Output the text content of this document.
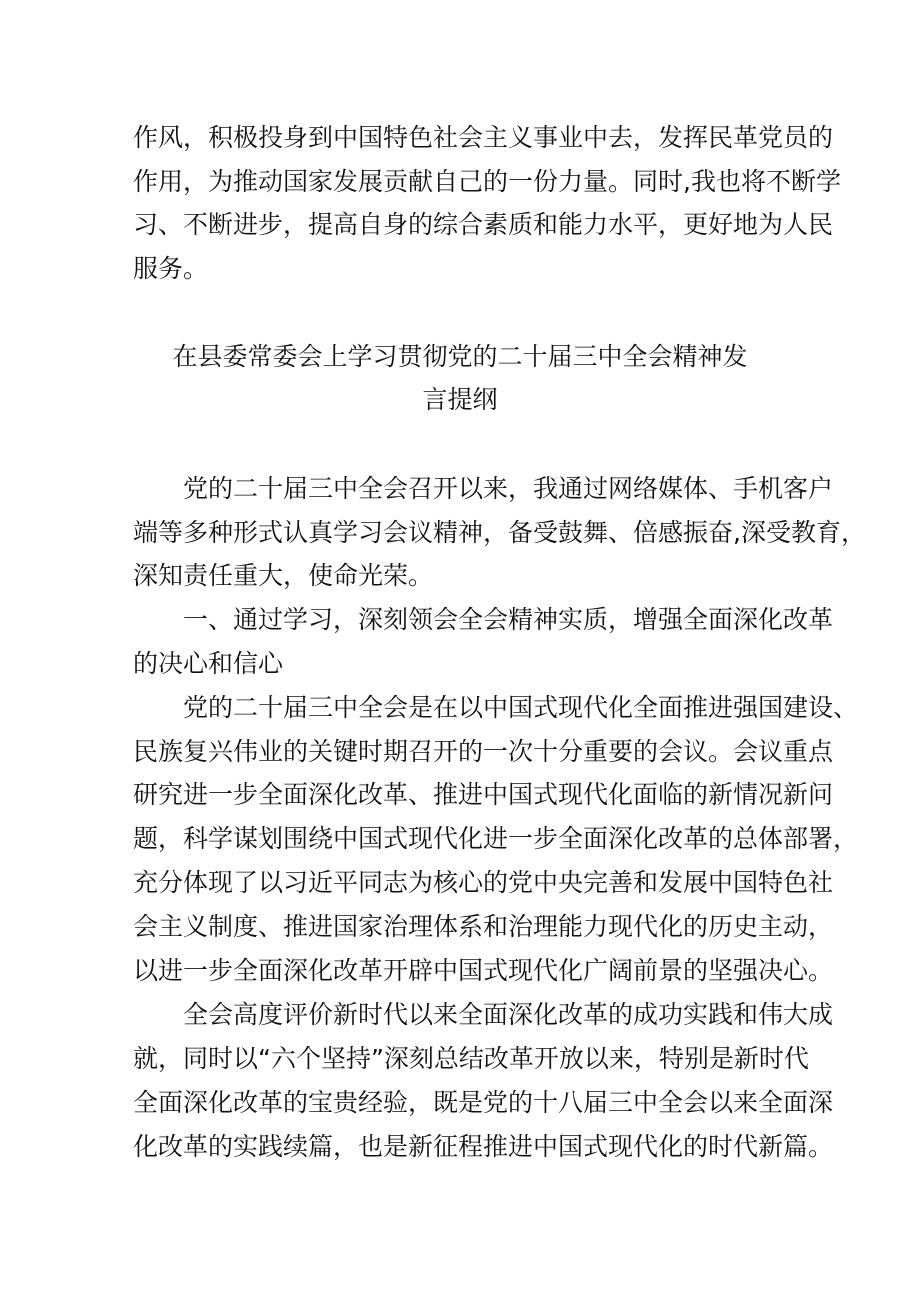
作风，积极投身到中国特色社会主义事业中去，发挥民革党员的
作用，为推动国家发展贡献自己的一份力量。同时,我也将不断学
习、不断进步，提高自身的综合素质和能力水平，更好地为人民
服务。
在县委常委会上学习贯彻党的二十届三中全会精神发
言提纲
党的二十届三中全会召开以来，我通过网络媒体、手机客户
端等多种形式认真学习会议精神，备受鼓舞、倍感振奋,深受教育，
深知责任重大，使命光荣。
一、通过学习，深刻领会全会精神实质，增强全面深化改革
的决心和信心
党的二十届三中全会是在以中国式现代化全面推进强国建设、
民族复兴伟业的关键时期召开的一次十分重要的会议。会议重点
研究进一步全面深化改革、推进中国式现代化面临的新情况新问
题，科学谋划围绕中国式现代化进一步全面深化改革的总体部署，
充分体现了以习近平同志为核心的党中央完善和发展中国特色社
会主义制度、推进国家治理体系和治理能力现代化的历史主动，
以进一步全面深化改革开辟中国式现代化广阔前景的坚强决心。
全会高度评价新时代以来全面深化改革的成功实践和伟大成
就，同时以“六个坚持”深刻总结改革开放以来，特别是新时代
全面深化改革的宝贵经验，既是党的十八届三中全会以来全面深
化改革的实践续篇，也是新征程推进中国式现代化的时代新篇。
